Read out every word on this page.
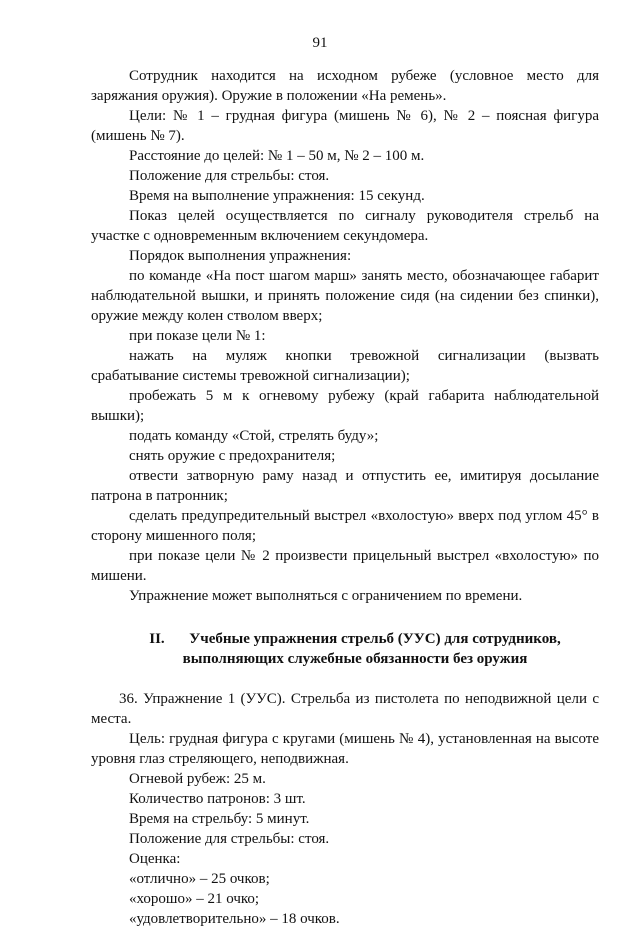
91

Сотрудник находится на исходном рубеже (условное место для заряжания оружия). Оружие в положении «На ремень».

Цели: № 1 – грудная фигура (мишень № 6), № 2 – поясная фигура (мишень № 7).

Расстояние до целей: № 1 – 50 м, № 2 – 100 м.

Положение для стрельбы: стоя.

Время на выполнение упражнения: 15 секунд.

Показ целей осуществляется по сигналу руководителя стрельб на участке с одновременным включением секундомера.

Порядок выполнения упражнения:

по команде «На пост шагом марш» занять место, обозначающее габарит наблюдательной вышки, и принять положение сидя (на сидении без спинки), оружие между колен стволом вверх;

при показе цели № 1:

нажать на муляж кнопки тревожной сигнализации (вызвать срабатывание системы тревожной сигнализации);

пробежать 5 м к огневому рубежу (край габарита наблюдательной вышки);

подать команду «Стой, стрелять буду»;

снять оружие с предохранителя;

отвести затворную раму назад и отпустить ее, имитируя досылание патрона в патронник;

сделать предупредительный выстрел «вхолостую» вверх под углом 45° в сторону мишенного поля;

при показе цели № 2 произвести прицельный выстрел «вхолостую» по мишени.

Упражнение может выполняться с ограничением по времени.

II. Учебные упражнения стрельб (УУС) для сотрудников,
выполняющих служебные обязанности без оружия

36. Упражнение 1 (УУС). Стрельба из пистолета по неподвижной цели с места.

Цель: грудная фигура с кругами (мишень № 4), установленная на высоте уровня глаз стреляющего, неподвижная.

Огневой рубеж: 25 м.

Количество патронов: 3 шт.

Время на стрельбу: 5 минут.

Положение для стрельбы: стоя.

Оценка:

«отлично» – 25 очков;

«хорошо» – 21 очко;

«удовлетворительно» – 18 очков.
